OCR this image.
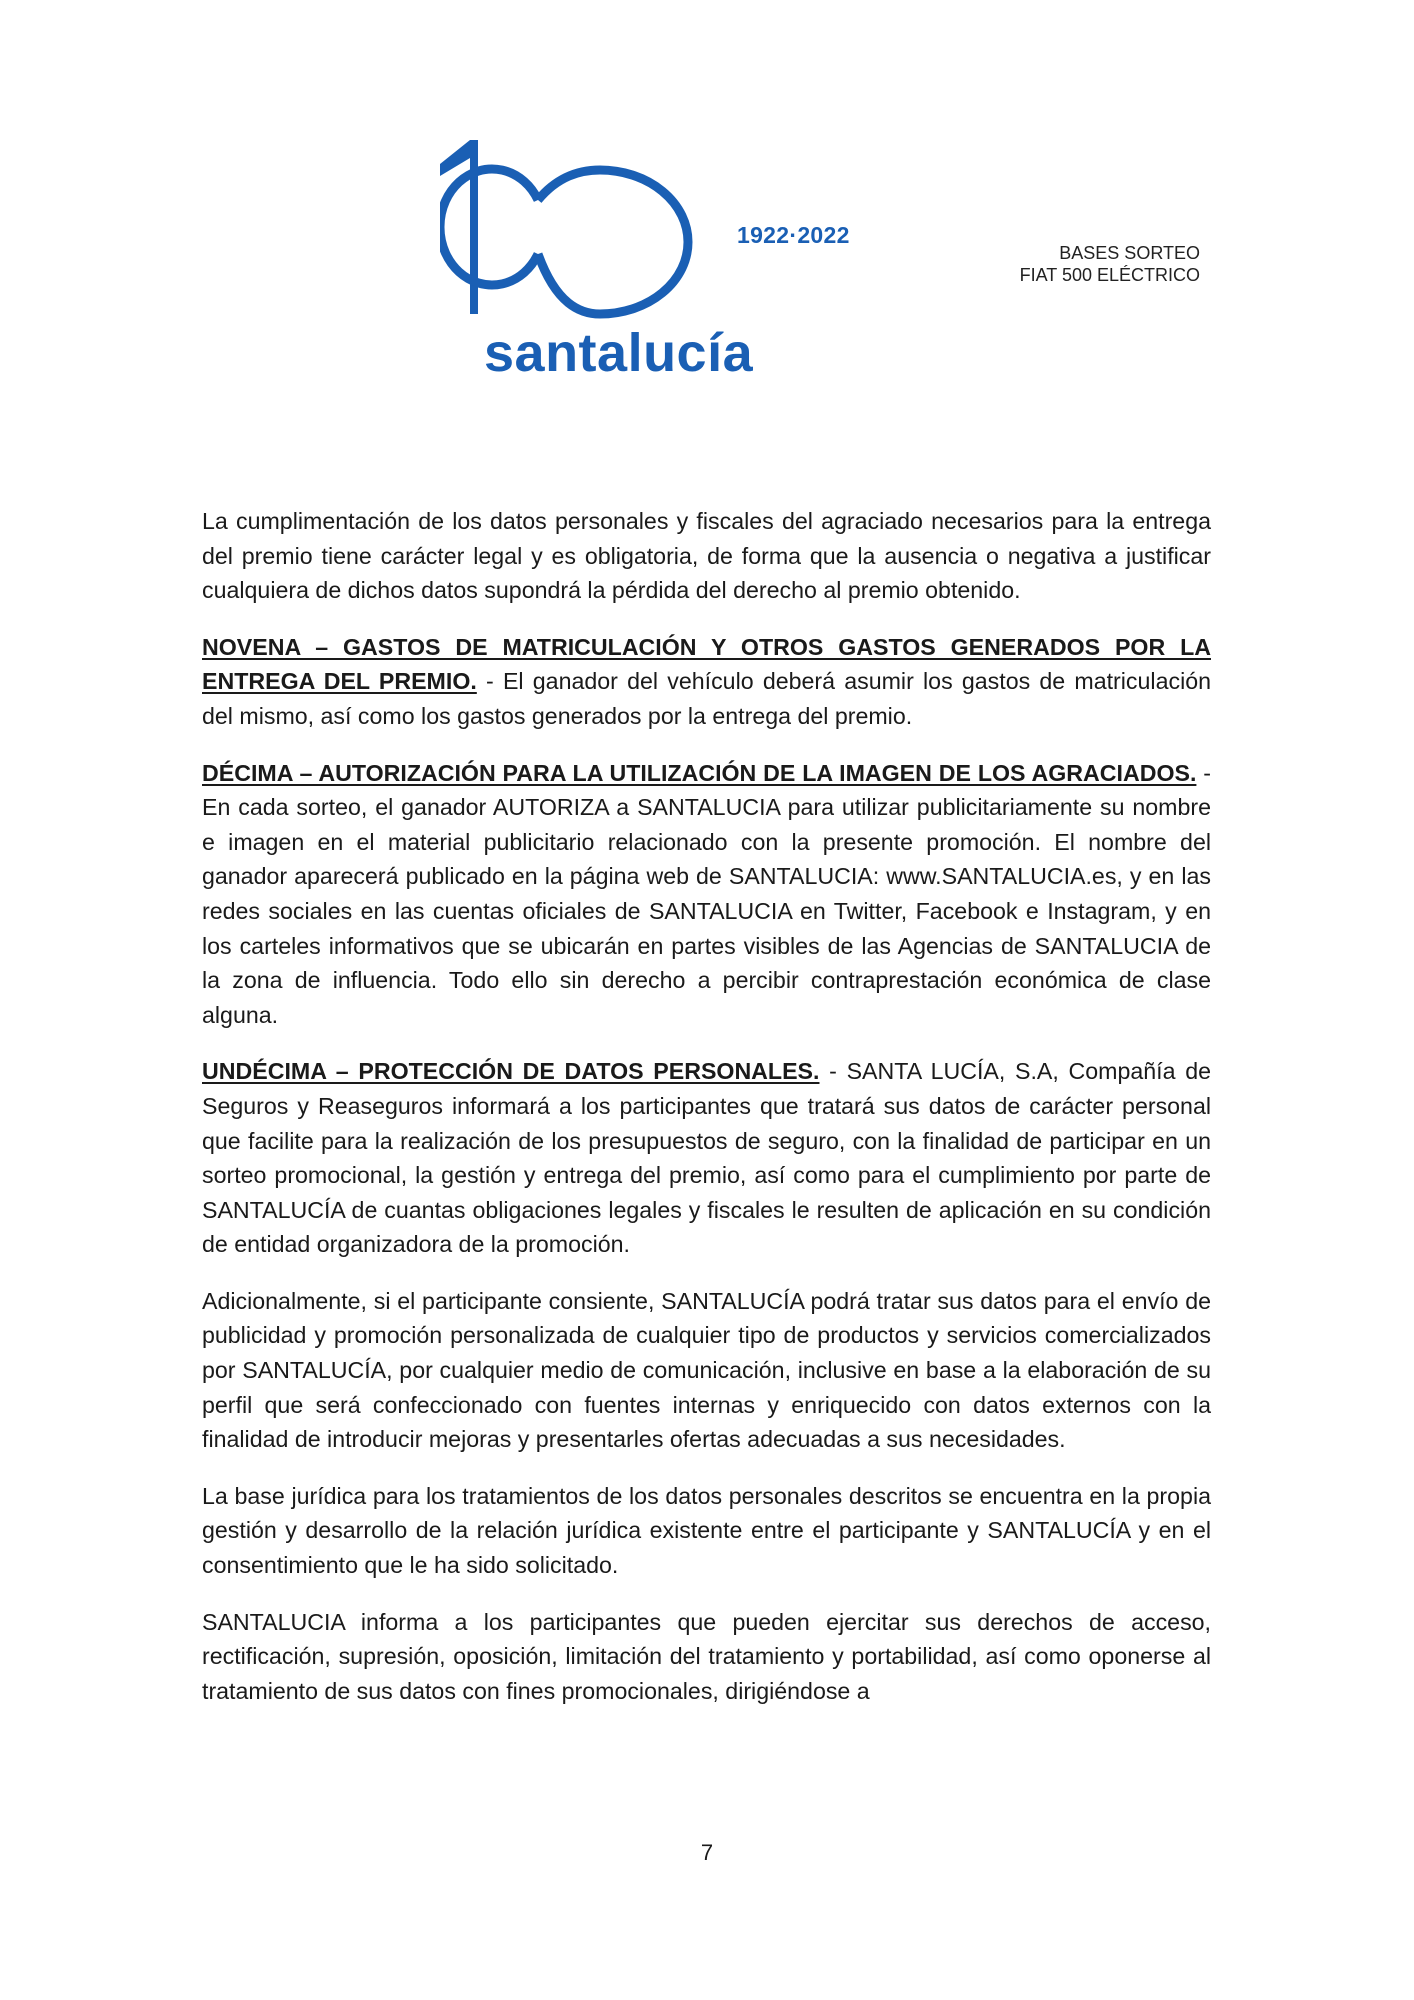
1922·2022
santalucía
BASES SORTEO
FIAT 500 ELÉCTRICO

La cumplimentación de los datos personales y fiscales del agraciado necesarios para la entrega del premio tiene carácter legal y es obligatoria, de forma que la ausencia o negativa a justificar cualquiera de dichos datos supondrá la pérdida del derecho al premio obtenido.

NOVENA – GASTOS DE MATRICULACIÓN Y OTROS GASTOS GENERADOS POR LA ENTREGA DEL PREMIO. - El ganador del vehículo deberá asumir los gastos de matriculación del mismo, así como los gastos generados por la entrega del premio.

DÉCIMA – AUTORIZACIÓN PARA LA UTILIZACIÓN DE LA IMAGEN DE LOS AGRACIADOS. - En cada sorteo, el ganador AUTORIZA a SANTALUCIA para utilizar publicitariamente su nombre e imagen en el material publicitario relacionado con la presente promoción. El nombre del ganador aparecerá publicado en la página web de SANTALUCIA: www.SANTALUCIA.es, y en las redes sociales en las cuentas oficiales de SANTALUCIA en Twitter, Facebook e Instagram, y en los carteles informativos que se ubicarán en partes visibles de las Agencias de SANTALUCIA de la zona de influencia. Todo ello sin derecho a percibir contraprestación económica de clase alguna.

UNDÉCIMA – PROTECCIÓN DE DATOS PERSONALES. - SANTA LUCÍA, S.A, Compañía de Seguros y Reaseguros informará a los participantes que tratará sus datos de carácter personal que facilite para la realización de los presupuestos de seguro, con la finalidad de participar en un sorteo promocional, la gestión y entrega del premio, así como para el cumplimiento por parte de SANTALUCÍA de cuantas obligaciones legales y fiscales le resulten de aplicación en su condición de entidad organizadora de la promoción.

Adicionalmente, si el participante consiente, SANTALUCÍA podrá tratar sus datos para el envío de publicidad y promoción personalizada de cualquier tipo de productos y servicios comercializados por SANTALUCÍA, por cualquier medio de comunicación, inclusive en base a la elaboración de su perfil que será confeccionado con fuentes internas y enriquecido con datos externos con la finalidad de introducir mejoras y presentarles ofertas adecuadas a sus necesidades.

La base jurídica para los tratamientos de los datos personales descritos se encuentra en la propia gestión y desarrollo de la relación jurídica existente entre el participante y SANTALUCÍA y en el consentimiento que le ha sido solicitado.

SANTALUCIA informa a los participantes que pueden ejercitar sus derechos de acceso, rectificación, supresión, oposición, limitación del tratamiento y portabilidad, así como oponerse al tratamiento de sus datos con fines promocionales, dirigiéndose a

7
